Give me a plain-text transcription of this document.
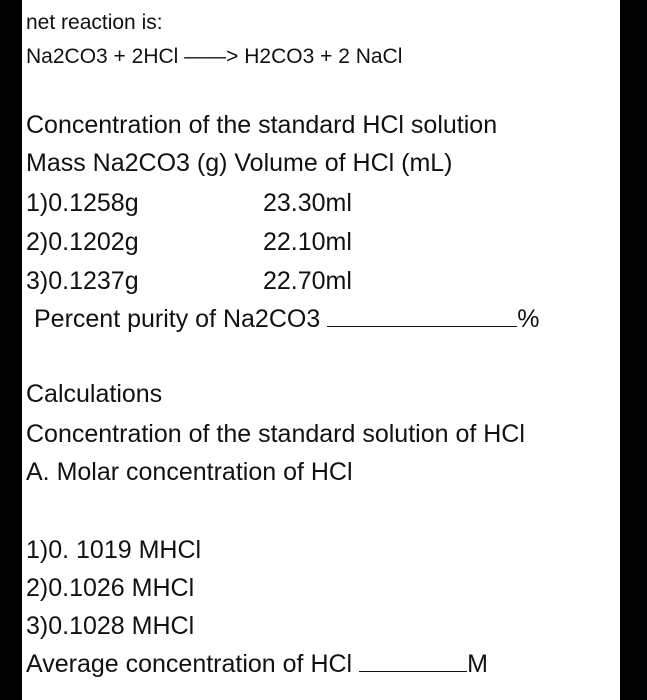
net reaction is:
Na2CO3 + 2HCl ——> H2CO3 + 2 NaCl
Concentration of the standard HCl solution
Mass Na2CO3 (g) Volume of HCl (mL)
1)0.1258g	23.30ml
2)0.1202g	22.10ml
3)0.1237g	22.70ml
Percent purity of Na2CO3	%
Calculations
Concentration of the standard solution of HCl
A. Molar concentration of HCl
1)0. 1019 MHCl
2)0.1026 MHCl
3)0.1028 MHCl
Average concentration of HCl	M
